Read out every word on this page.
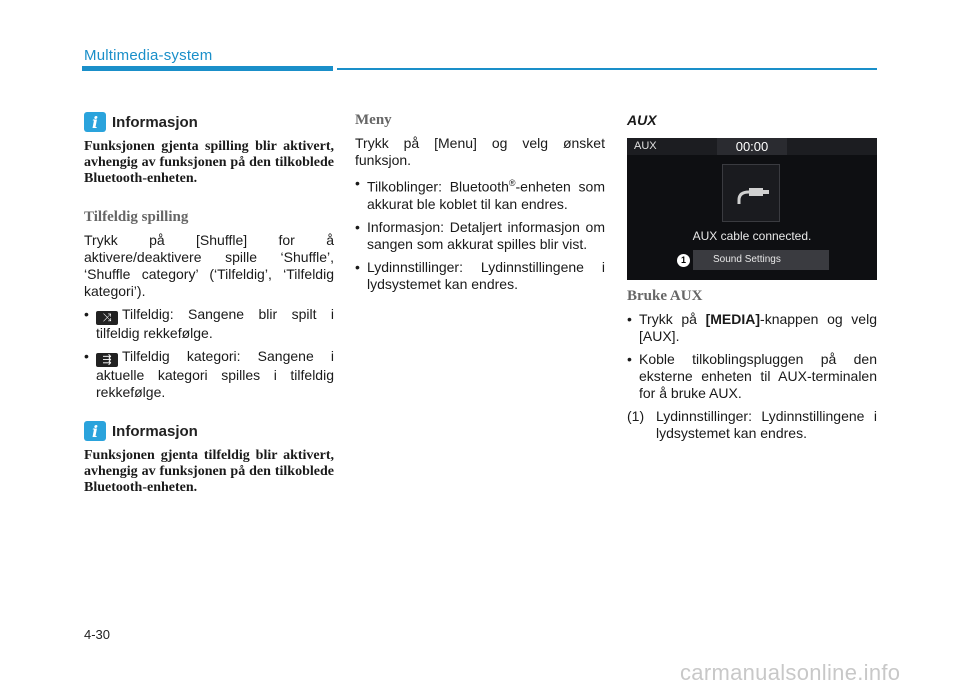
Multimedia-system
i Informasjon

Funksjonen gjenta spilling blir aktivert, avhengig av funksjonen på den tilkoblede Bluetooth-enheten.

Tilfeldig spilling

Trykk på [Shuffle] for å aktivere/deaktivere spille ‘Shuffle’, ‘Shuffle category’ (‘Tilfeldig’, ‘Tilfeldig kategori’).

• ⤨ Tilfeldig: Sangene blir spilt i tilfeldig rekkefølge.
• ⇶ Tilfeldig kategori: Sangene i aktuelle kategori spilles i tilfeldig rekkefølge.
i Informasjon

Funksjonen gjenta tilfeldig blir aktivert, avhengig av funksjonen på den tilkoblede Bluetooth-enheten.

Meny

Trykk på [Menu] og velg ønsket funksjon.

• Tilkoblinger: Bluetooth®-enheten som akkurat ble koblet til kan endres.
• Informasjon: Detaljert informasjon om sangen som akkurat spilles blir vist.
• Lydinnstillinger: Lydinnstillingene i lydsystemet kan endres.
AUX
AUX	00:00
AUX cable connected.
1	Sound Settings
Bruke AUX
• Trykk på [MEDIA]-knappen og velg [AUX].
• Koble tilkoblingspluggen på den eksterne enheten til AUX-terminalen for å bruke AUX.
(1) Lydinnstillinger: Lydinnstillingene i lydsystemet kan endres.
4-30
carmanualsonline.info
